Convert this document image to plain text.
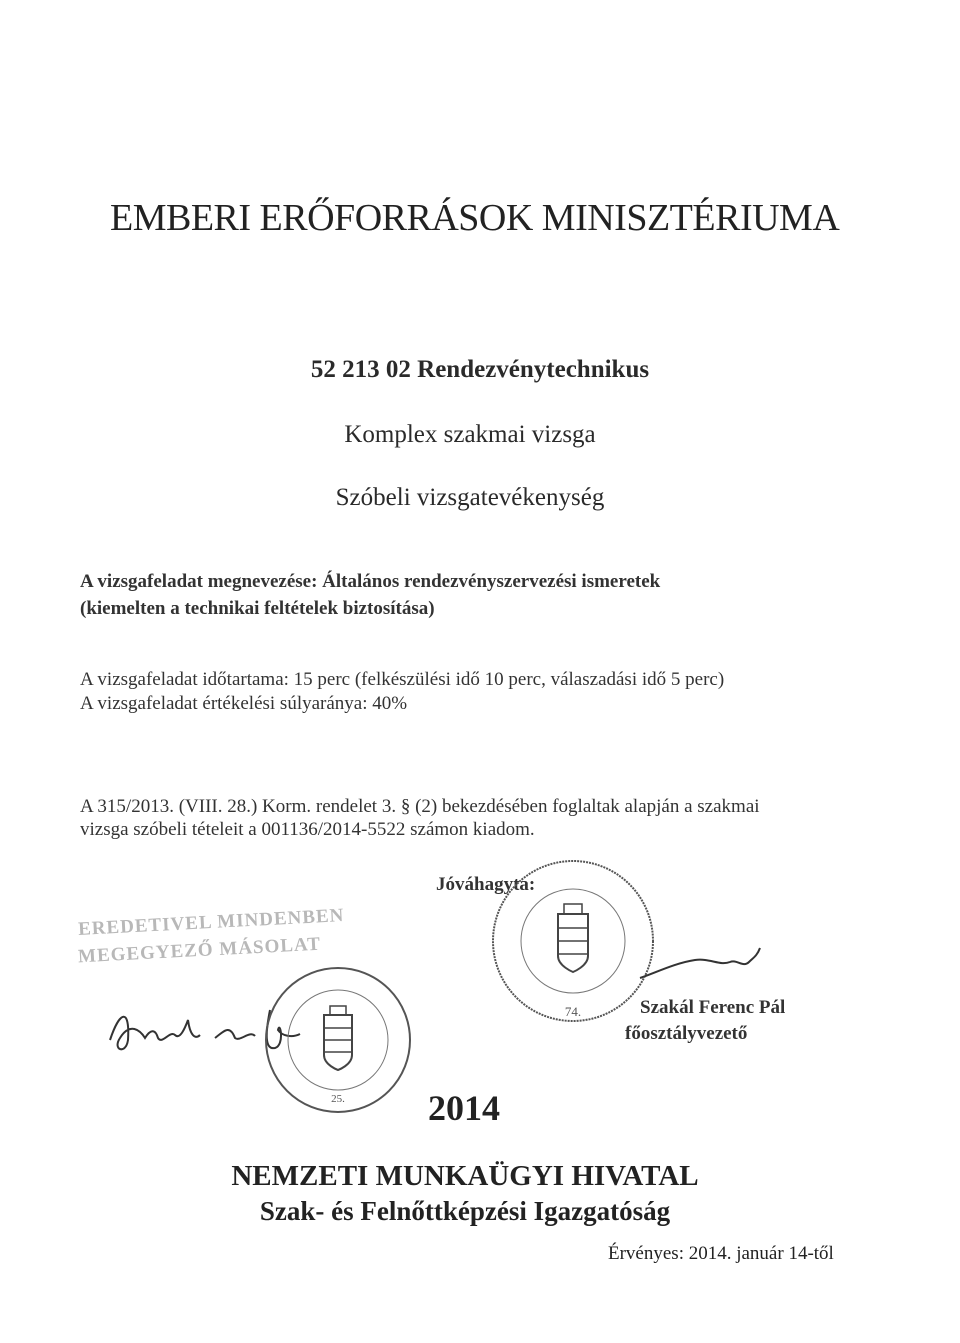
EMBERI ERŐFORRÁSOK MINISZTÉRIUMA
52 213 02 Rendezvénytechnikus
Komplex szakmai vizsga
Szóbeli vizsgatevékenység
A vizsgafeladat megnevezése: Általános rendezvényszervezési ismeretek
(kiemelten a technikai feltételek biztosítása)
A vizsgafeladat időtartama: 15 perc (felkészülési idő 10 perc, válaszadási idő 5 perc)
A vizsgafeladat értékelési súlyaránya: 40%
A 315/2013. (VIII. 28.) Korm. rendelet 3. § (2) bekezdésében foglaltak alapján a szakmai
vizsga szóbeli tételeit a 001136/2014-5522 számon kiadom.
EREDETIVEL MINDENBEN
MEGEGYEZŐ MÁSOLAT
25.
Jóváhagyta:
74.	Szakál Ferenc Pál
főosztályvezető
2014
NEMZETI MUNKAÜGYI HIVATAL
Szak- és Felnőttképzési Igazgatóság
Érvényes: 2014. január 14-től
